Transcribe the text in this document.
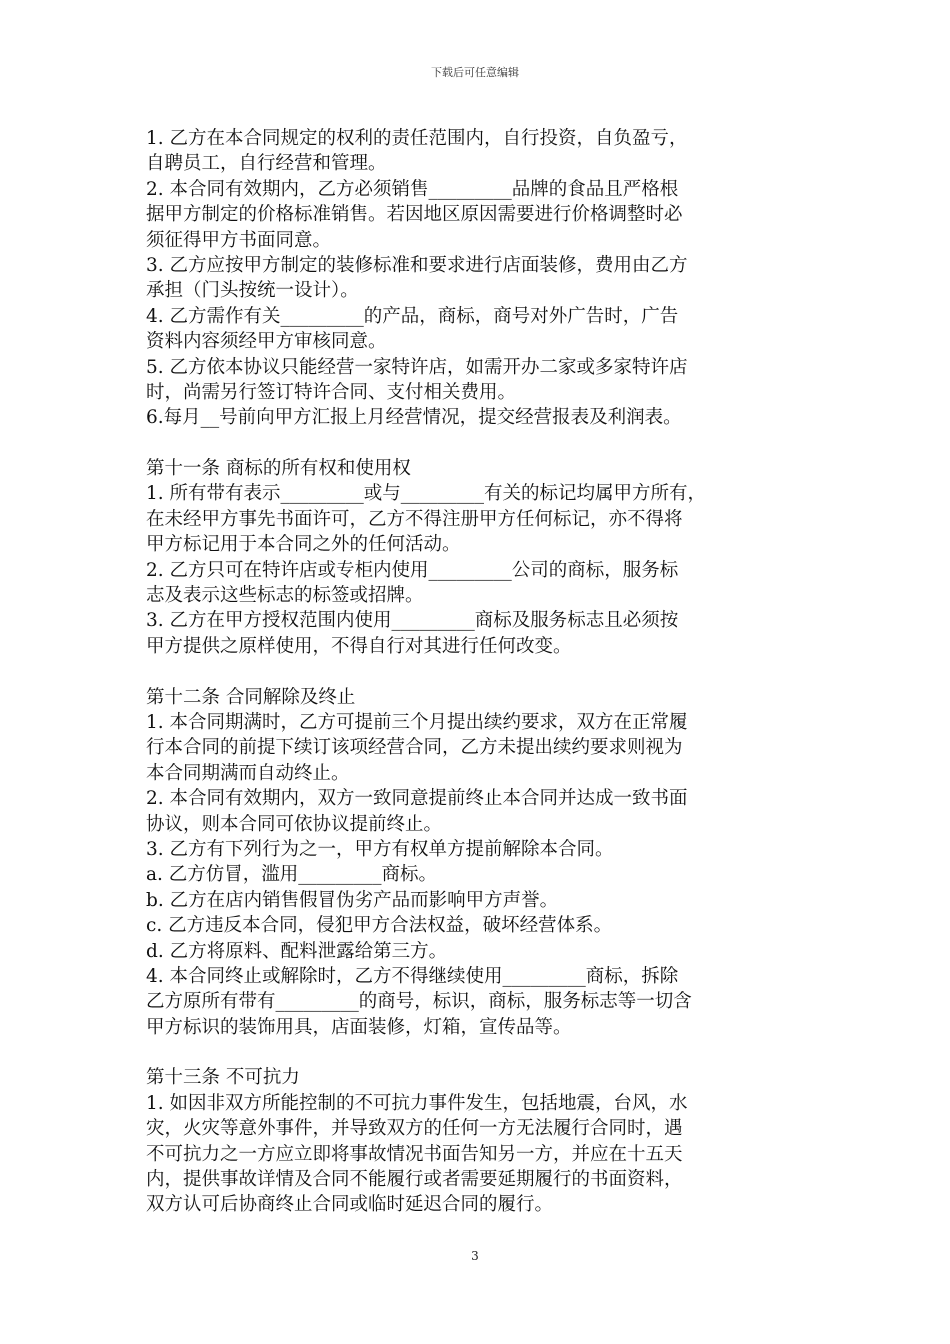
下载后可任意编辑
1. 乙方在本合同规定的权利的责任范围内，自行投资，自负盈亏，
自聘员工，自行经营和管理。
2. 本合同有效期内，乙方必须销售_________品牌的食品且严格根
据甲方制定的价格标准销售。若因地区原因需要进行价格调整时必
须征得甲方书面同意。
3. 乙方应按甲方制定的装修标准和要求进行店面装修，费用由乙方
承担（门头按统一设计）。
4. 乙方需作有关_________的产品，商标，商号对外广告时，广告
资料内容须经甲方审核同意。
5. 乙方依本协议只能经营一家特许店，如需开办二家或多家特许店
时，尚需另行签订特许合同、支付相关费用。
6.每月__号前向甲方汇报上月经营情况，提交经营报表及利润表。
第十一条 商标的所有权和使用权
1. 所有带有表示_________或与_________有关的标记均属甲方所有，
在未经甲方事先书面许可，乙方不得注册甲方任何标记，亦不得将
甲方标记用于本合同之外的任何活动。
2. 乙方只可在特许店或专柜内使用_________公司的商标，服务标
志及表示这些标志的标签或招牌。
3. 乙方在甲方授权范围内使用_________商标及服务标志且必须按
甲方提供之原样使用，不得自行对其进行任何改变。
第十二条 合同解除及终止
1. 本合同期满时，乙方可提前三个月提出续约要求，双方在正常履
行本合同的前提下续订该项经营合同，乙方未提出续约要求则视为
本合同期满而自动终止。
2. 本合同有效期内，双方一致同意提前终止本合同并达成一致书面
协议，则本合同可依协议提前终止。
3. 乙方有下列行为之一，甲方有权单方提前解除本合同。
a. 乙方仿冒，滥用_________商标。
b. 乙方在店内销售假冒伪劣产品而影响甲方声誉。
c. 乙方违反本合同，侵犯甲方合法权益，破坏经营体系。
d. 乙方将原料、配料泄露给第三方。
4. 本合同终止或解除时，乙方不得继续使用_________商标，拆除
乙方原所有带有_________的商号，标识，商标，服务标志等一切含
甲方标识的装饰用具，店面装修，灯箱，宣传品等。
第十三条 不可抗力
1. 如因非双方所能控制的不可抗力事件发生，包括地震，台风，水
灾，火灾等意外事件，并导致双方的任何一方无法履行合同时，遇
不可抗力之一方应立即将事故情况书面告知另一方，并应在十五天
内，提供事故详情及合同不能履行或者需要延期履行的书面资料，
双方认可后协商终止合同或临时延迟合同的履行。
3
